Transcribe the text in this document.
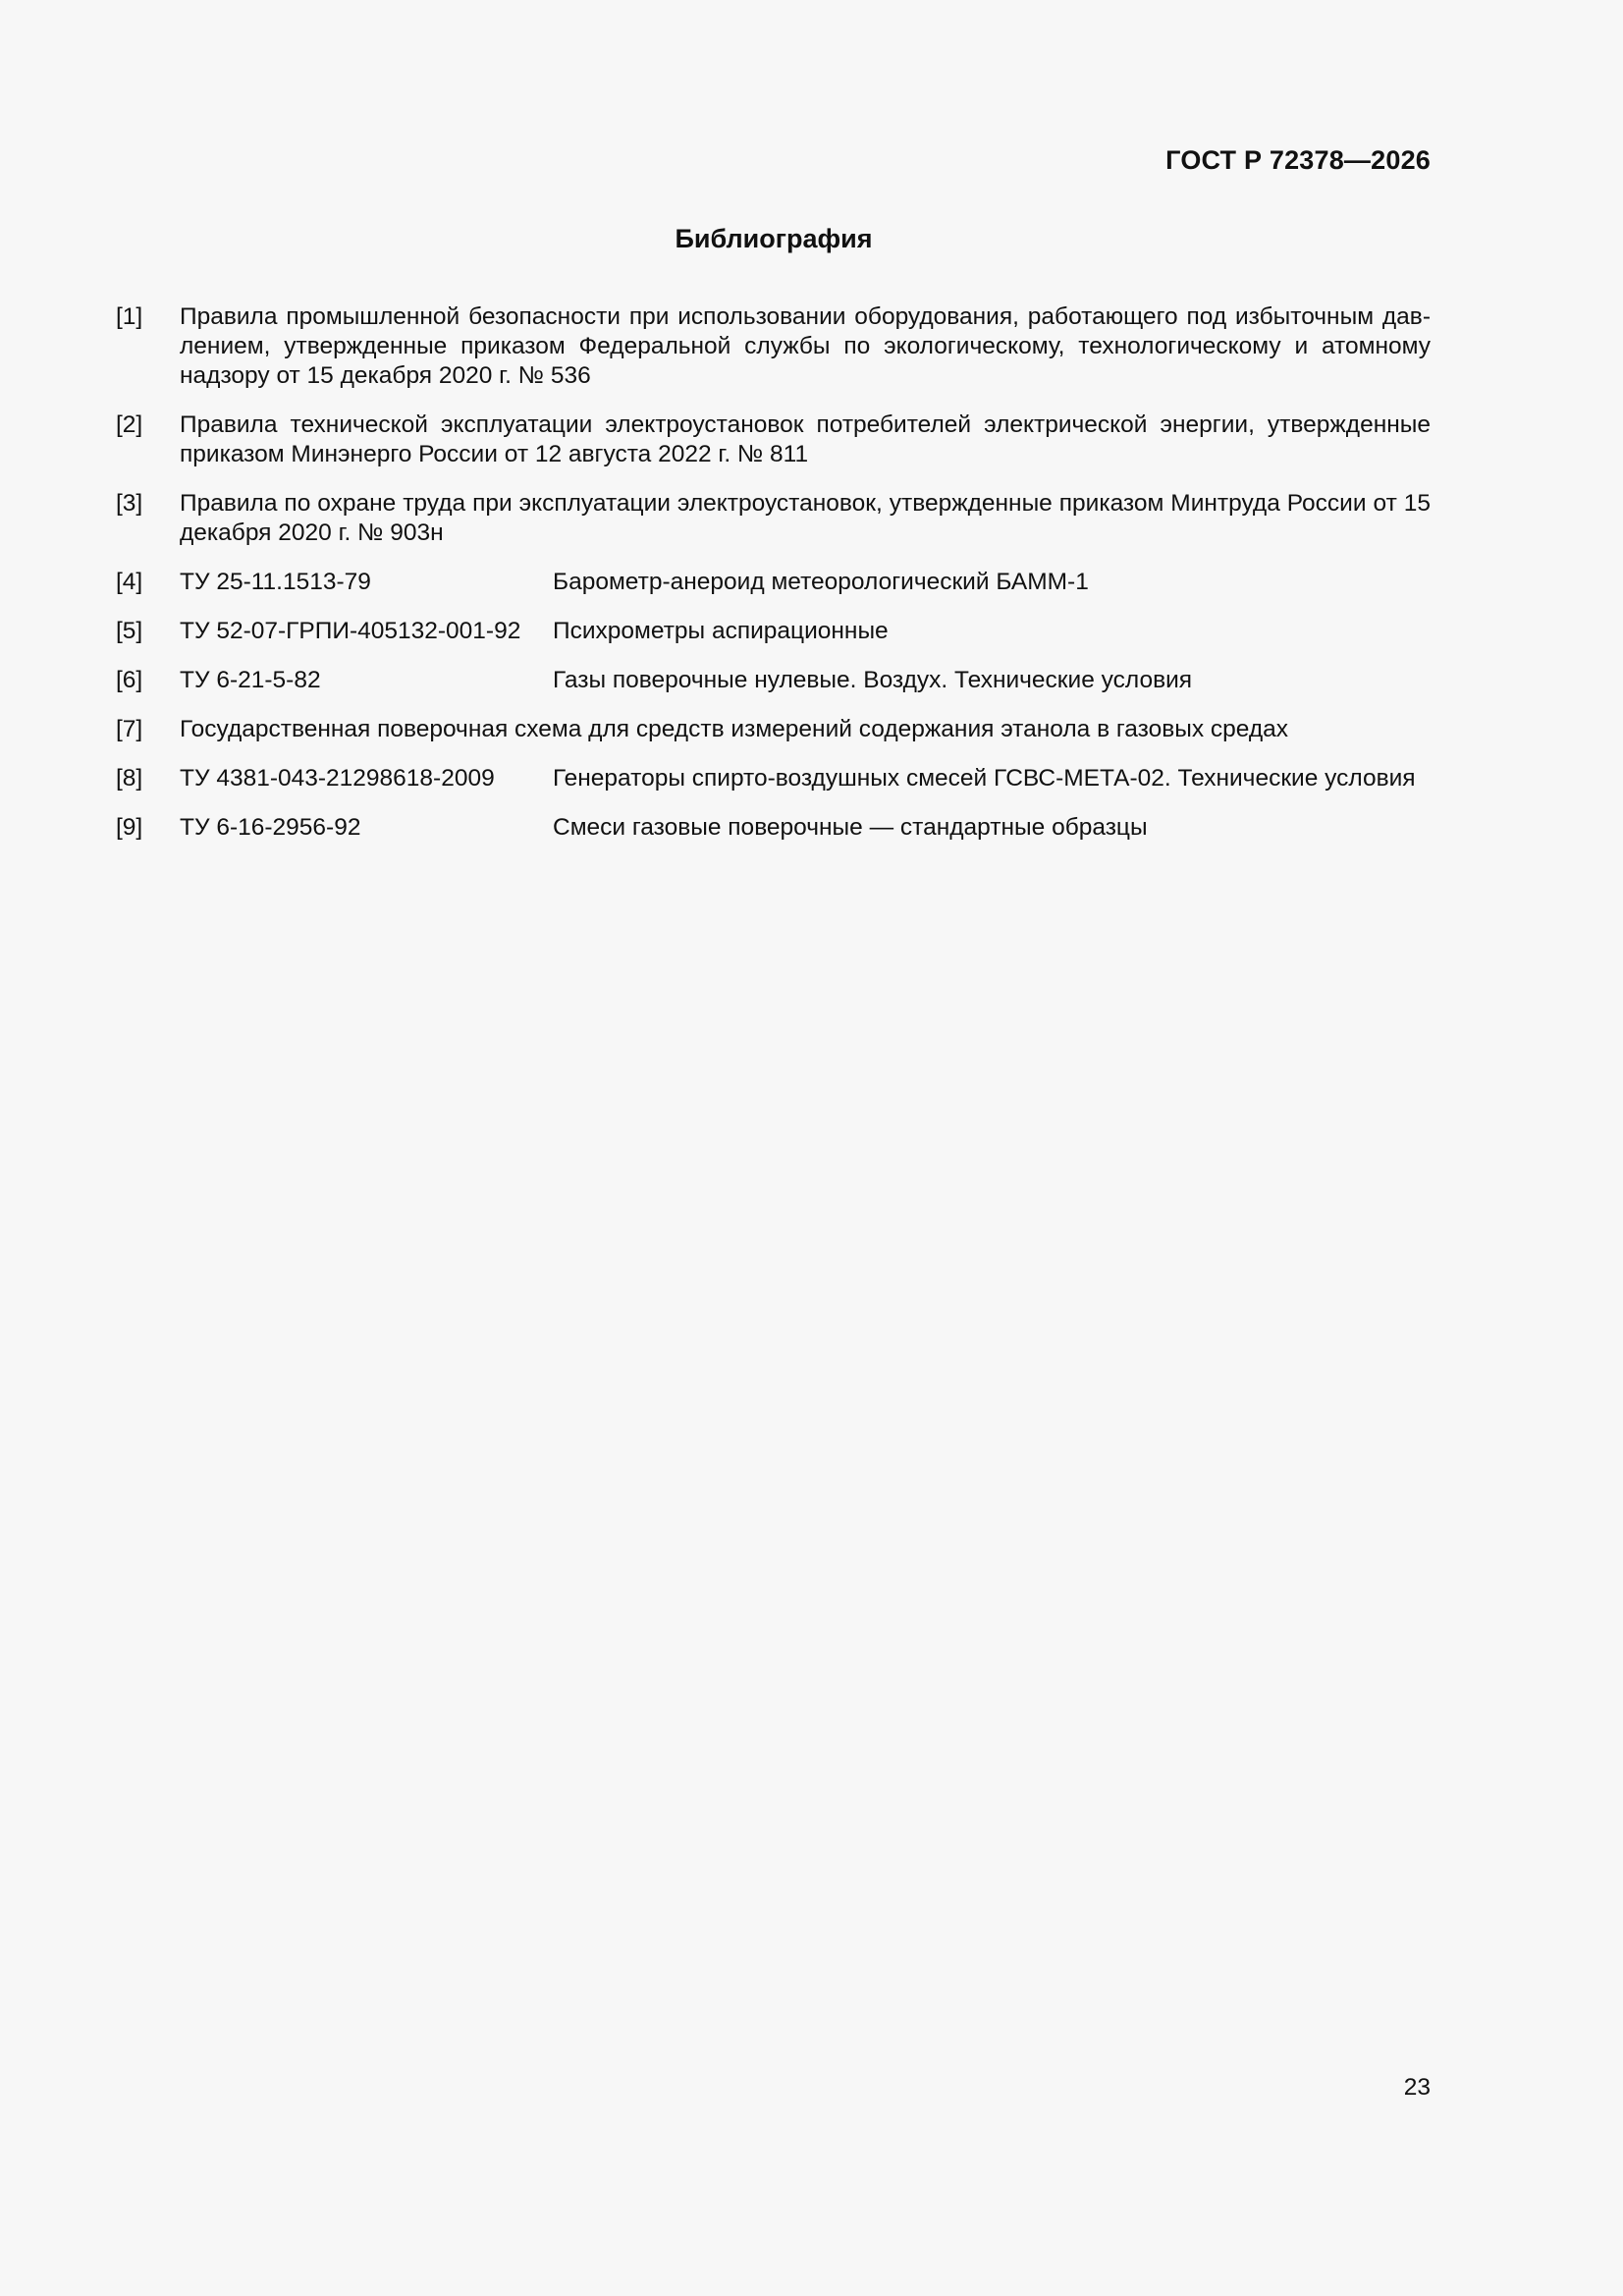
ГОСТ Р 72378—2026
Библиография
[1]	Правила промышленной безопасности при использовании оборудования, работающего под избыточным давлением, утвержденные приказом Федеральной службы по экологическому, технологическому и атомному надзору от 15 декабря 2020 г. № 536
[2]	Правила технической эксплуатации электроустановок потребителей электрической энергии, утвержденные приказом Минэнерго России от 12 августа 2022 г. № 811
[3]	Правила по охране труда при эксплуатации электроустановок, утвержденные приказом Минтруда России от 15 декабря 2020 г. № 903н
[4]	ТУ 25-11.1513-79	Барометр-анероид метеорологический БАММ-1
[5]	ТУ 52-07-ГРПИ-405132-001-92	Психрометры аспирационные
[6]	ТУ 6-21-5-82	Газы поверочные нулевые. Воздух. Технические условия
[7]	Государственная поверочная схема для средств измерений содержания этанола в газовых средах
[8]	ТУ 4381-043-21298618-2009	Генераторы спирто-воздушных смесей ГСВС-МЕТА-02. Технические условия
[9]	ТУ 6-16-2956-92	Смеси газовые поверочные — стандартные образцы
23
